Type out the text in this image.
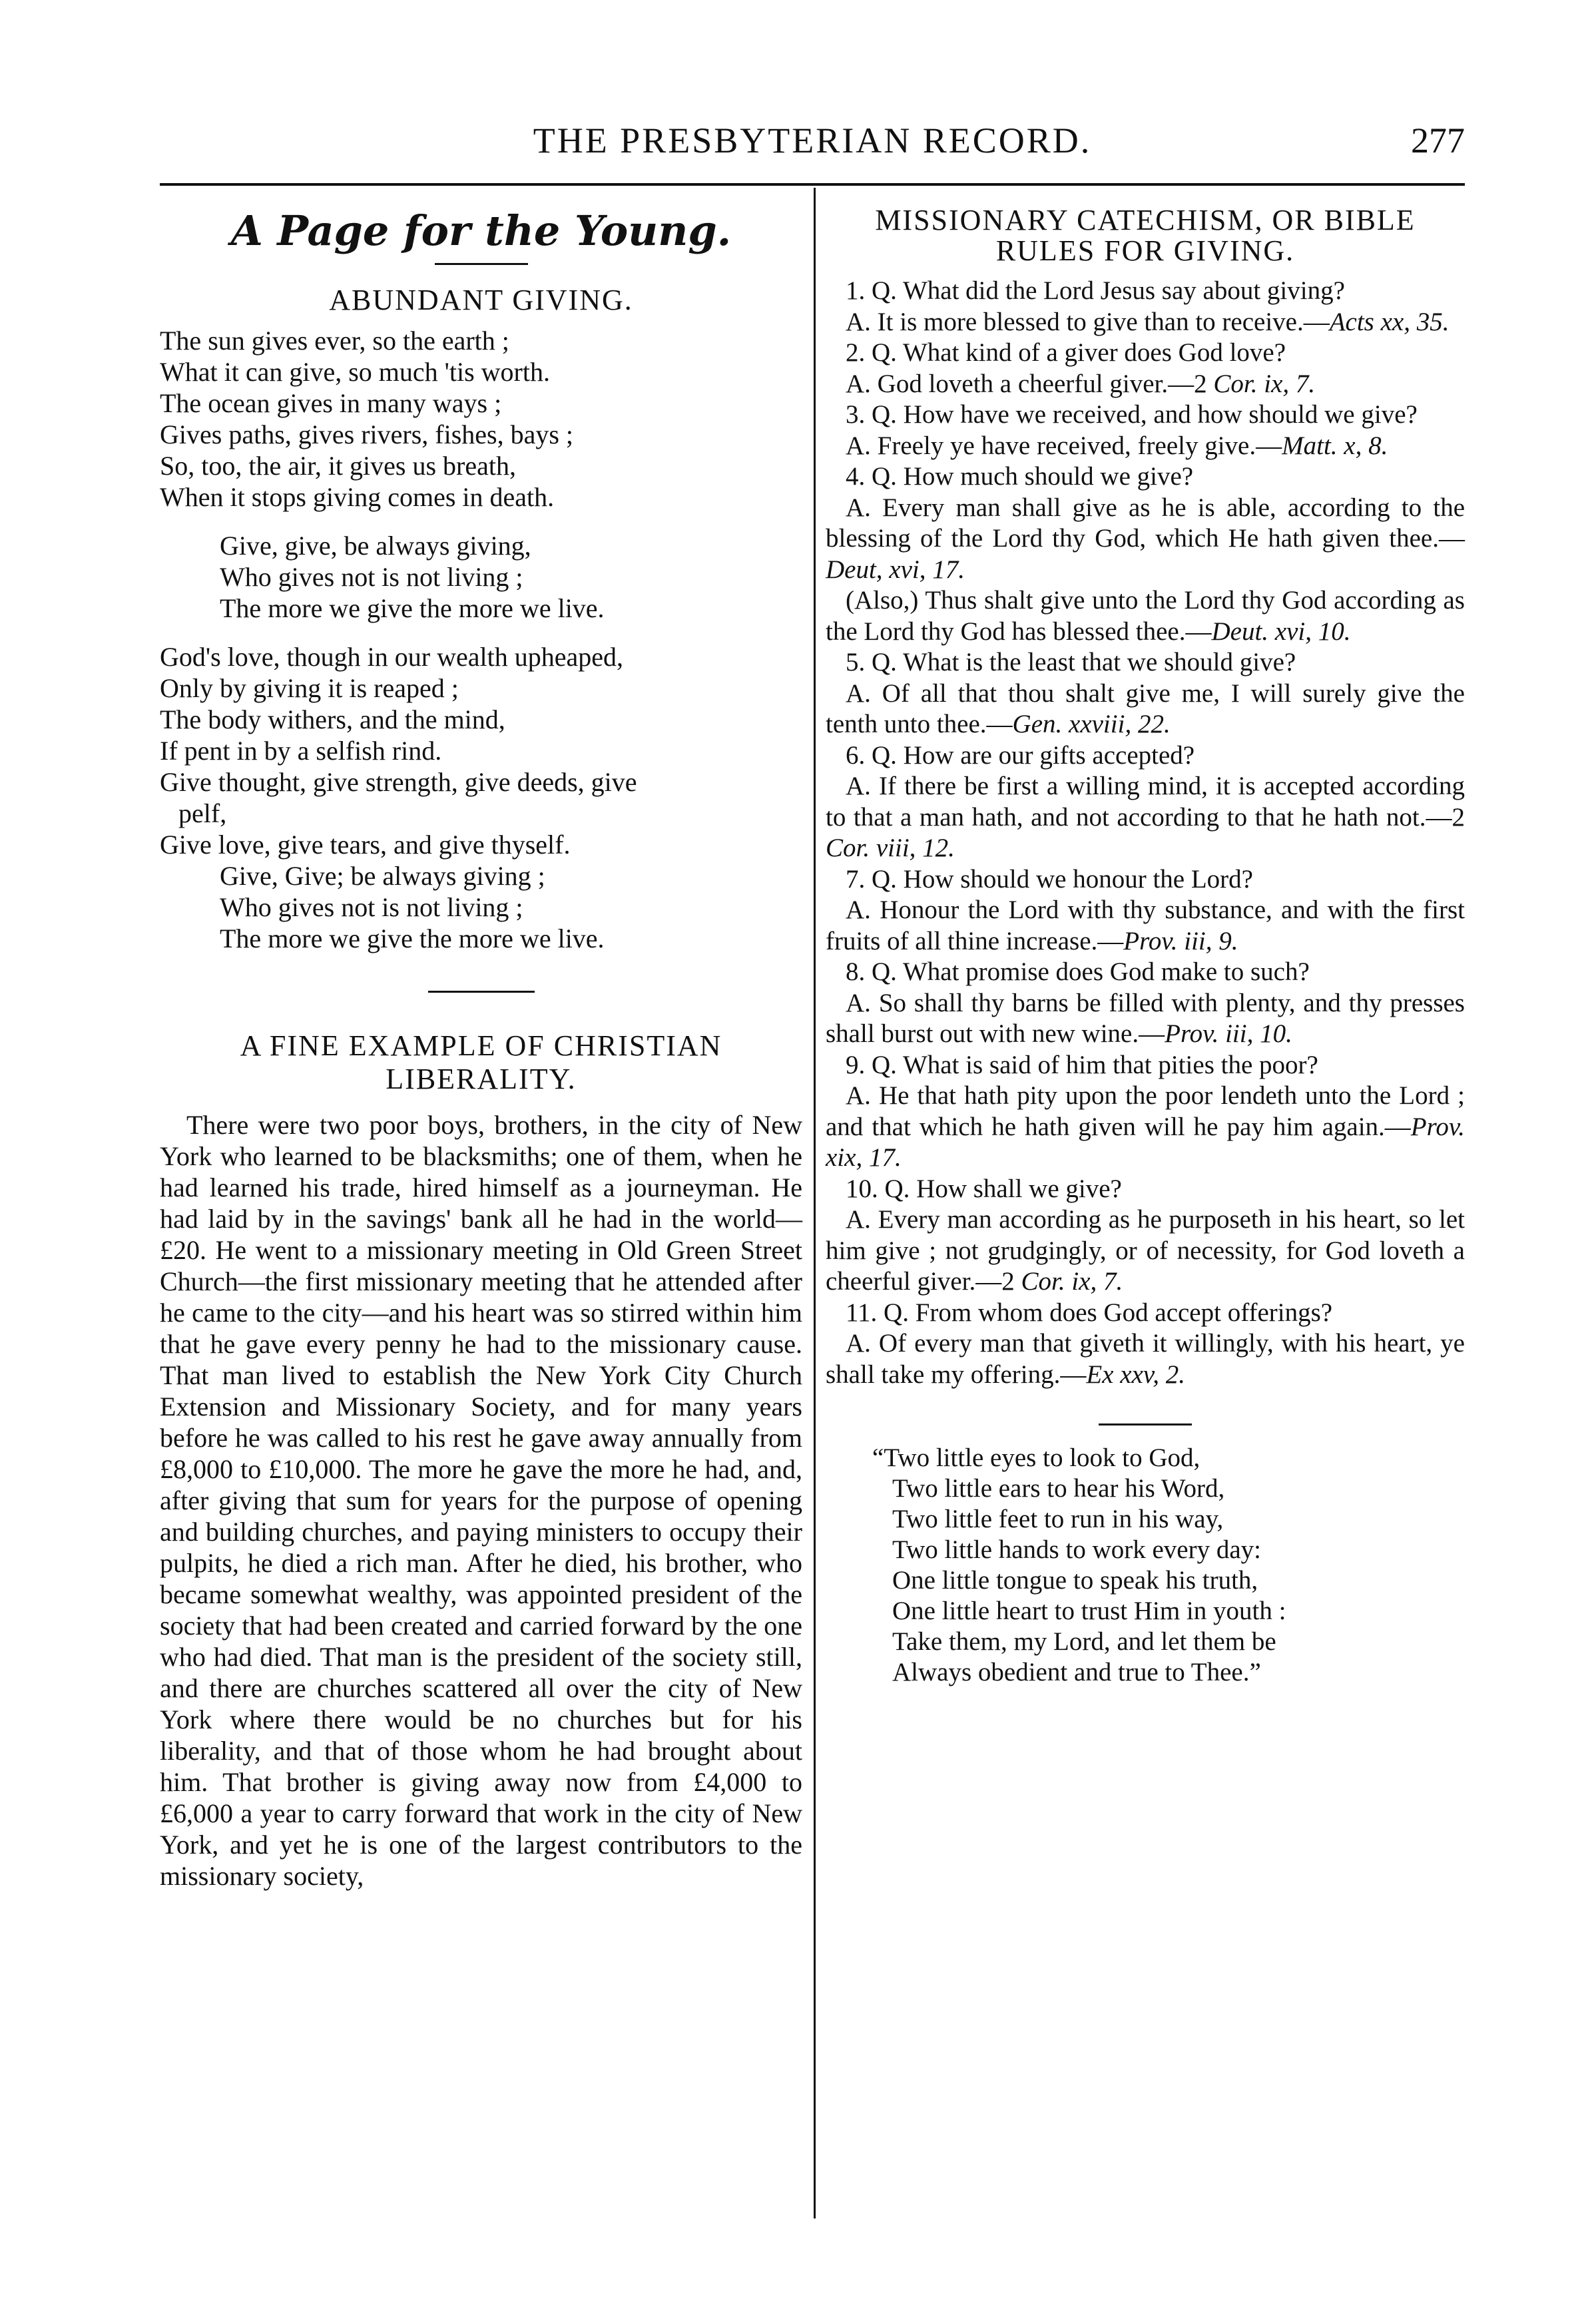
THE PRESBYTERIAN RECORD.	277
A Page for the Young.
ABUNDANT GIVING.
The sun gives ever, so the earth ;
What it can give, so much 'tis worth.
The ocean gives in many ways ;
Gives paths, gives rivers, fishes, bays ;
So, too, the air, it gives us breath,
When it stops giving comes in death.
Give, give, be always giving,
Who gives not is not living ;
The more we give the more we live.
God's love, though in our wealth upheaped,
Only by giving it is reaped ;
The body withers, and the mind,
If pent in by a selfish rind.
Give thought, give strength, give deeds, give
pelf,
Give love, give tears, and give thyself.
Give, Give; be always giving ;
Who gives not is not living ;
The more we give the more we live.
A FINE EXAMPLE OF CHRISTIAN
LIBERALITY.

There were two poor boys, brothers, in the city of New York who learned to be blacksmiths; one of them, when he had learned his trade, hired himself as a journeyman. He had laid by in the savings' bank all he had in the world—£20. He went to a missionary meeting in Old Green Street Church—the first missionary meeting that he attended after he came to the city—and his heart was so stirred within him that he gave every penny he had to the missionary cause. That man lived to establish the New York City Church Extension and Missionary Society, and for many years before he was called to his rest he gave away annually from £8,000 to £10,000. The more he gave the more he had, and, after giving that sum for years for the purpose of opening and building churches, and paying ministers to occupy their pulpits, he died a rich man. After he died, his brother, who became somewhat wealthy, was appointed president of the society that had been created and carried forward by the one who had died. That man is the president of the society still, and there are churches scattered all over the city of New York where there would be no churches but for his liberality, and that of those whom he had brought about him. That brother is giving away now from £4,000 to £6,000 a year to carry forward that work in the city of New York, and yet he is one of the largest contributors to the missionary society,

MISSIONARY CATECHISM, OR BIBLE
RULES FOR GIVING.

1. Q. What did the Lord Jesus say about giving?

A. It is more blessed to give than to receive.—Acts xx, 35.

2. Q. What kind of a giver does God love?

A. God loveth a cheerful giver.—2 Cor. ix, 7.

3. Q. How have we received, and how should we give?

A. Freely ye have received, freely give.—Matt. x, 8.

4. Q. How much should we give?

A. Every man shall give as he is able, according to the blessing of the Lord thy God, which He hath given thee.—Deut, xvi, 17.

(Also,) Thus shalt give unto the Lord thy God according as the Lord thy God has blessed thee.—Deut. xvi, 10.

5. Q. What is the least that we should give?

A. Of all that thou shalt give me, I will surely give the tenth unto thee.—Gen. xxviii, 22.

6. Q. How are our gifts accepted?

A. If there be first a willing mind, it is accepted according to that a man hath, and not according to that he hath not.—2 Cor. viii, 12.

7. Q. How should we honour the Lord?

A. Honour the Lord with thy substance, and with the first fruits of all thine increase.—Prov. iii, 9.

8. Q. What promise does God make to such?

A. So shall thy barns be filled with plenty, and thy presses shall burst out with new wine.—Prov. iii, 10.

9. Q. What is said of him that pities the poor?

A. He that hath pity upon the poor lendeth unto the Lord ; and that which he hath given will he pay him again.—Prov. xix, 17.

10. Q. How shall we give?

A. Every man according as he purposeth in his heart, so let him give ; not grudgingly, or of necessity, for God loveth a cheerful giver.—2 Cor. ix, 7.

11. Q. From whom does God accept offerings?

A. Of every man that giveth it willingly, with his heart, ye shall take my offering.—Ex xxv, 2.

“Two little eyes to look to God,
Two little ears to hear his Word,
Two little feet to run in his way,
Two little hands to work every day:
One little tongue to speak his truth,
One little heart to trust Him in youth :
Take them, my Lord, and let them be
Always obedient and true to Thee.”
